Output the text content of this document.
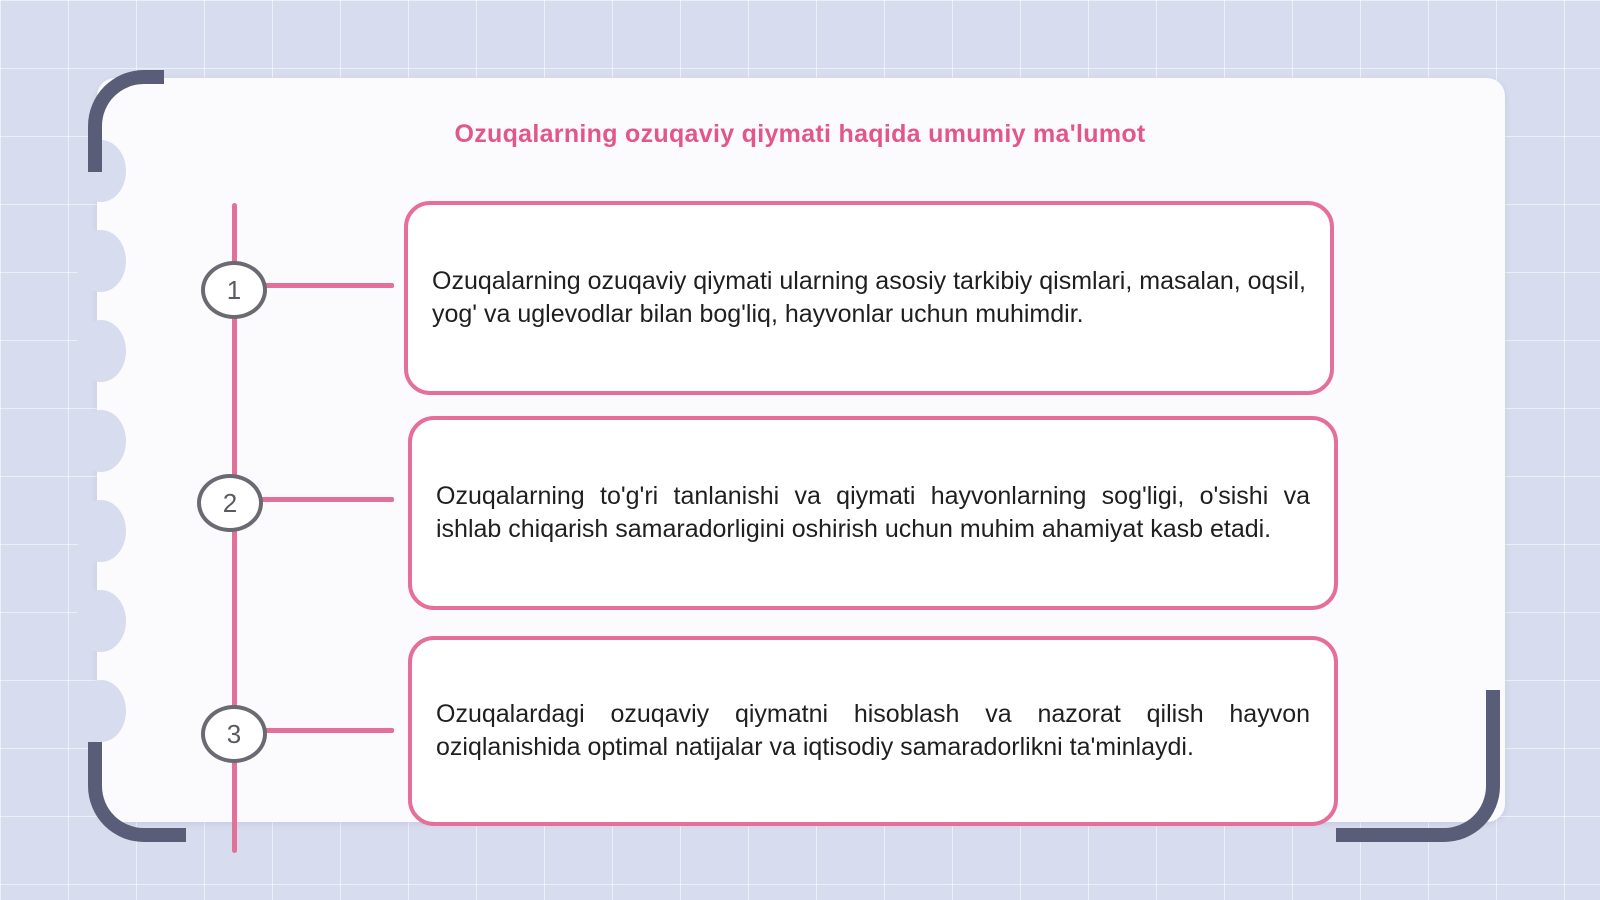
Ozuqalarning ozuqaviy qiymati haqida umumiy ma'lumot
1	Ozuqalarning ozuqaviy qiymati ularning asosiy tarkibiy qismlari, masalan, oqsil, yog' va uglevodlar bilan bog'liq, hayvonlar uchun muhimdir.

2	Ozuqalarning to'g'ri tanlanishi va qiymati hayvonlarning sog'ligi, o'sishi va ishlab chiqarish samaradorligini oshirish uchun muhim ahamiyat kasb etadi.

3

Ozuqalardagi ozuqaviy qiymatni hisoblash va nazorat qilish hayvon oziqlanishida optimal natijalar va iqtisodiy samaradorlikni ta'minlaydi.
